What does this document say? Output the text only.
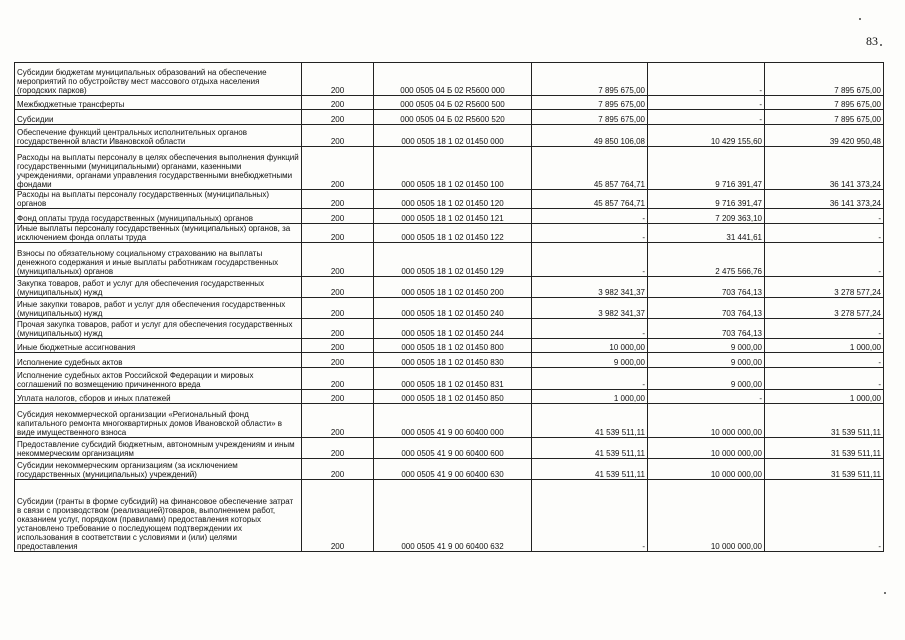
83
Субсидии бюджетам муниципальных образований на обеспечение мероприятий по обустройству мест массового отдыха населения (городских парков)	200	000 0505 04 Б 02 R5600 000	7 895 675,00	-	7 895 675,00
Межбюджетные трансферты	200	000 0505 04 Б 02 R5600 500	7 895 675,00	-	7 895 675,00
Субсидии	200	000 0505 04 Б 02 R5600 520	7 895 675,00	-	7 895 675,00
Обеспечение функций центральных исполнительных органов государственной власти Ивановской области	200	000 0505 18 1 02 01450 000	49 850 106,08	10 429 155,60	39 420 950,48
Расходы на выплаты персоналу в целях обеспечения выполнения функций государственными (муниципальными) органами, казенными учреждениями, органами управления государственными внебюджетными фондами	200	000 0505 18 1 02 01450 100	45 857 764,71	9 716 391,47	36 141 373,24
Расходы на выплаты персоналу государственных (муниципальных) органов	200	000 0505 18 1 02 01450 120	45 857 764,71	9 716 391,47	36 141 373,24
Фонд оплаты труда государственных (муниципальных) органов	200	000 0505 18 1 02 01450 121	-	7 209 363,10	-
Иные выплаты персоналу государственных (муниципальных) органов, за исключением фонда оплаты труда	200	000 0505 18 1 02 01450 122	-	31 441,61	-
Взносы по обязательному социальному страхованию на выплаты денежного содержания и иные выплаты работникам государственных (муниципальных) органов	200	000 0505 18 1 02 01450 129	-	2 475 566,76	-
Закупка товаров, работ и услуг для обеспечения государственных (муниципальных) нужд	200	000 0505 18 1 02 01450 200	3 982 341,37	703 764,13	3 278 577,24
Иные закупки товаров, работ и услуг для обеспечения государственных (муниципальных) нужд	200	000 0505 18 1 02 01450 240	3 982 341,37	703 764,13	3 278 577,24
Прочая закупка товаров, работ и услуг для обеспечения государственных (муниципальных) нужд	200	000 0505 18 1 02 01450 244	-	703 764,13	-
Иные бюджетные ассигнования	200	000 0505 18 1 02 01450 800	10 000,00	9 000,00	1 000,00
Исполнение судебных актов	200	000 0505 18 1 02 01450 830	9 000,00	9 000,00	-
Исполнение судебных актов Российской Федерации и мировых соглашений по возмещению причиненного вреда	200	000 0505 18 1 02 01450 831	-	9 000,00	-
Уплата налогов, сборов и иных платежей	200	000 0505 18 1 02 01450 850	1 000,00	-	1 000,00
Субсидия некоммерческой организации «Региональный фонд капитального ремонта многоквартирных домов Ивановской области» в виде имущественного взноса	200	000 0505 41 9 00 60400 000	41 539 511,11	10 000 000,00	31 539 511,11
Предоставление субсидий бюджетным, автономным учреждениям и иным некоммерческим организациям	200	000 0505 41 9 00 60400 600	41 539 511,11	10 000 000,00	31 539 511,11
Субсидии некоммерческим организациям (за исключением государственных (муниципальных) учреждений)	200	000 0505 41 9 00 60400 630	41 539 511,11	10 000 000,00	31 539 511,11
Субсидии (гранты в форме субсидий) на финансовое обеспечение затрат в связи с производством (реализацией)товаров, выполнением работ, оказанием услуг, порядком (правилами) предоставления которых установлено требование о последующем подтверждении их использования в соответствии с условиями и (или) целями предоставления	200	000 0505 41 9 00 60400 632	-	10 000 000,00	-
